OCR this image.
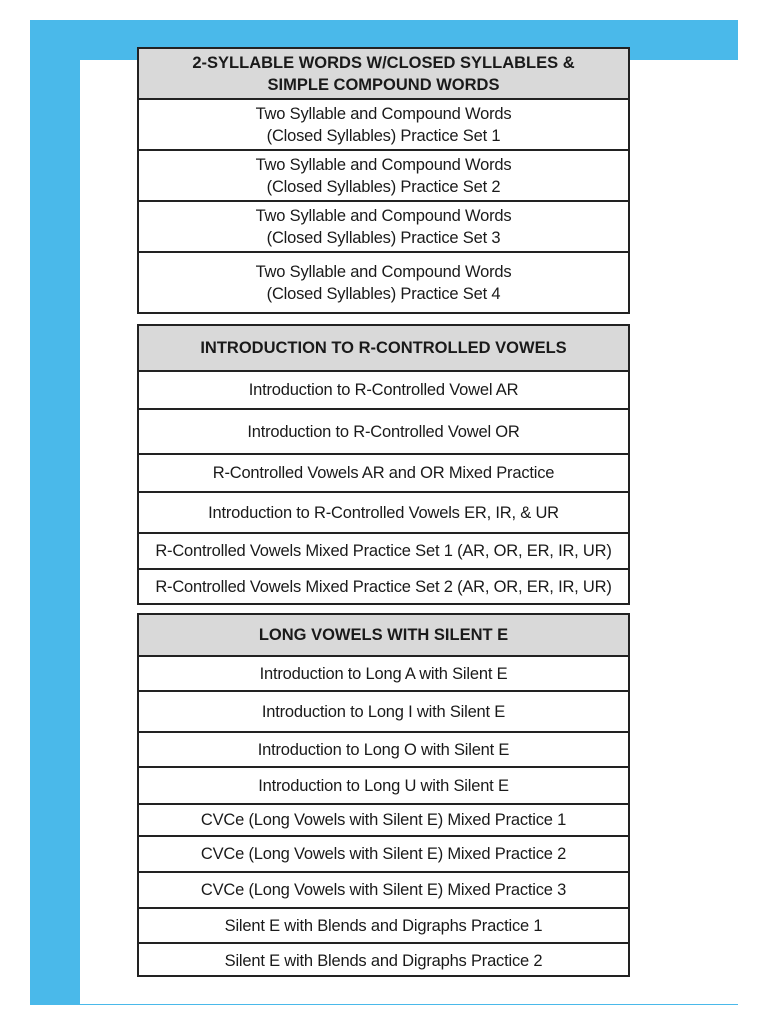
2-SYLLABLE WORDS W/CLOSED SYLLABLES &
SIMPLE COMPOUND WORDS
Two Syllable and Compound Words
(Closed Syllables) Practice Set 1
Two Syllable and Compound Words
(Closed Syllables) Practice Set 2
Two Syllable and Compound Words
(Closed Syllables) Practice Set 3
Two Syllable and Compound Words
(Closed Syllables) Practice Set 4
INTRODUCTION TO R-CONTROLLED VOWELS
Introduction to R-Controlled Vowel AR
Introduction to R-Controlled Vowel OR
R-Controlled Vowels AR and OR Mixed Practice
Introduction to R-Controlled Vowels ER, IR, & UR
R-Controlled Vowels Mixed Practice Set 1 (AR, OR, ER, IR, UR)
R-Controlled Vowels Mixed Practice Set 2 (AR, OR, ER, IR, UR)
LONG VOWELS WITH SILENT E
Introduction to Long A with Silent E
Introduction to Long I with Silent E
Introduction to Long O with Silent E
Introduction to Long U with Silent E
CVCe (Long Vowels with Silent E) Mixed Practice 1
CVCe (Long Vowels with Silent E) Mixed Practice 2
CVCe (Long Vowels with Silent E) Mixed Practice 3
Silent E with Blends and Digraphs Practice 1
Silent E with Blends and Digraphs Practice 2
